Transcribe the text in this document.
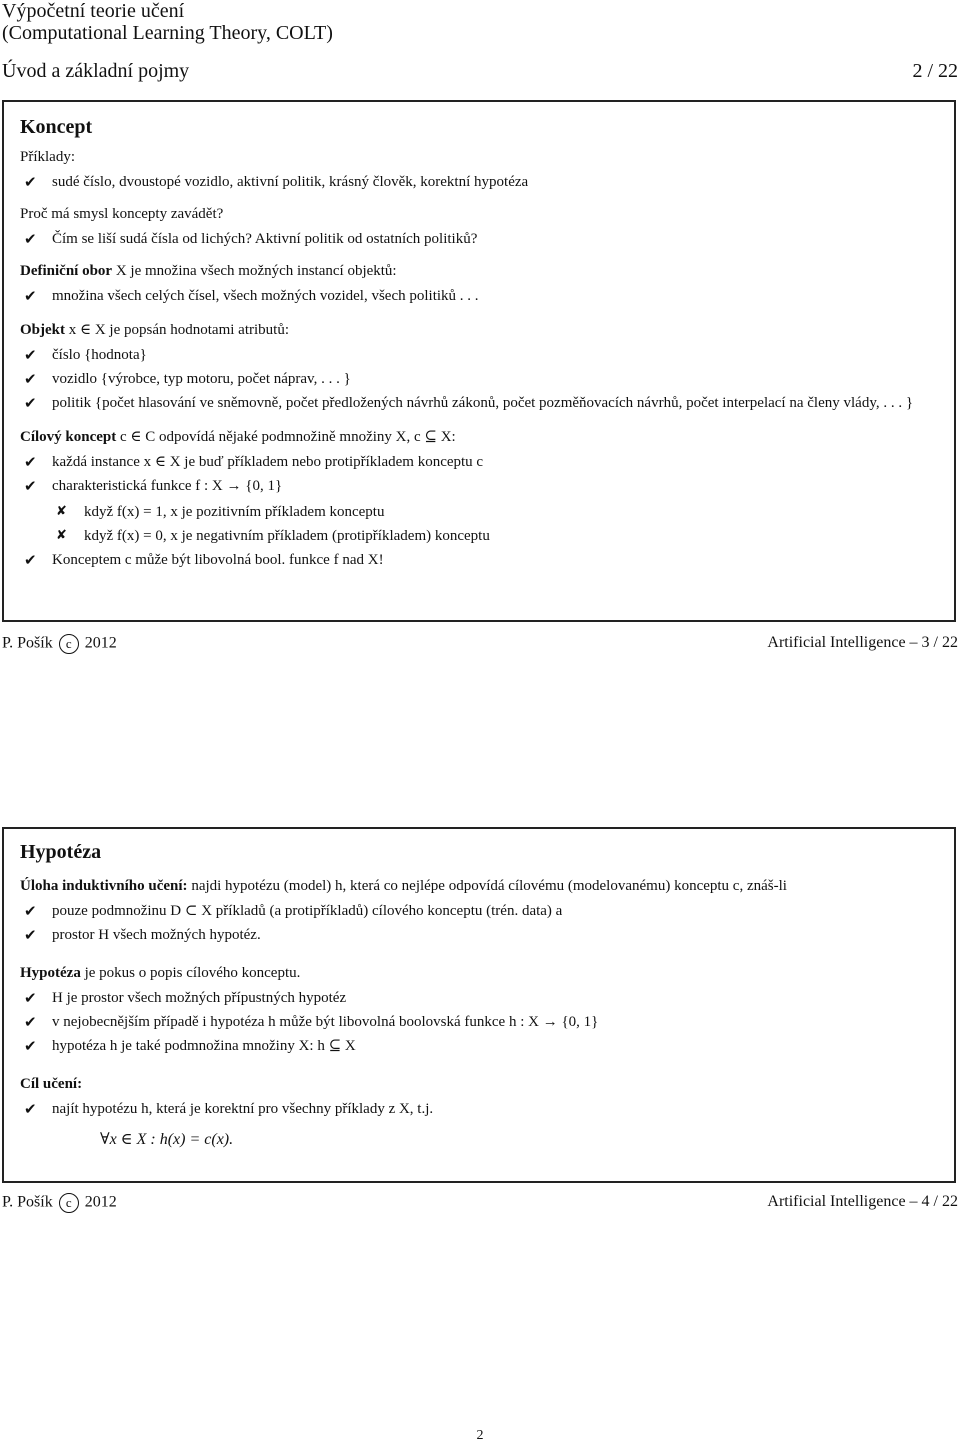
Výpočetní teorie učení
(Computational Learning Theory, COLT)
Úvod a základní pojmy	2 / 22
Koncept
Příklady:
✔ sudé číslo, dvoustopé vozidlo, aktivní politik, krásný člověk, korektní hypotéza
Proč má smysl koncepty zavádět?
✔ Čím se liší sudá čísla od lichých? Aktivní politik od ostatních politiků?
Definiční obor X je množina všech možných instancí objektů:
✔ množina všech celých čísel, všech možných vozidel, všech politiků . . .
Objekt x ∈ X je popsán hodnotami atributů:
✔ číslo {hodnota}
✔ vozidlo {výrobce, typ motoru, počet náprav, . . . }
✔ politik {počet hlasování ve sněmovně, počet předložených návrhů zákonů, počet pozměňovacích návrhů, počet interpelací na členy vlády, . . . }
Cílový koncept c ∈ C odpovídá nějaké podmnožině množiny X, c ⊆ X:
✔ každá instance x ∈ X je buď příkladem nebo protipříkladem konceptu c
✔ charakteristická funkce f : X → {0, 1}
✘ když f(x) = 1, x je pozitivním příkladem konceptu
✘ když f(x) = 0, x je negativním příkladem (protipříkladem) konceptu
✔ Konceptem c může být libovolná bool. funkce f nad X!
P. Pošík c 2012	Artificial Intelligence – 3 / 22
Hypotéza
Úloha induktivního učení: najdi hypotézu (model) h, která co nejlépe odpovídá cílovému (modelovanému) konceptu c, znáš-li
✔ pouze podmnožinu D ⊂ X příkladů (a protipříkladů) cílového konceptu (trén. data) a
✔ prostor H všech možných hypotéz.
Hypotéza je pokus o popis cílového konceptu.
✔ H je prostor všech možných přípustných hypotéz
✔ v nejobecnějším případě i hypotéza h může být libovolná boolovská funkce h : X → {0, 1}
✔ hypotéza h je také podmnožina množiny X: h ⊆ X
Cíl učení:
✔ najít hypotézu h, která je korektní pro všechny příklady z X, t.j.
∀x ∈ X : h(x) = c(x).
P. Pošík c 2012	Artificial Intelligence – 4 / 22
2
